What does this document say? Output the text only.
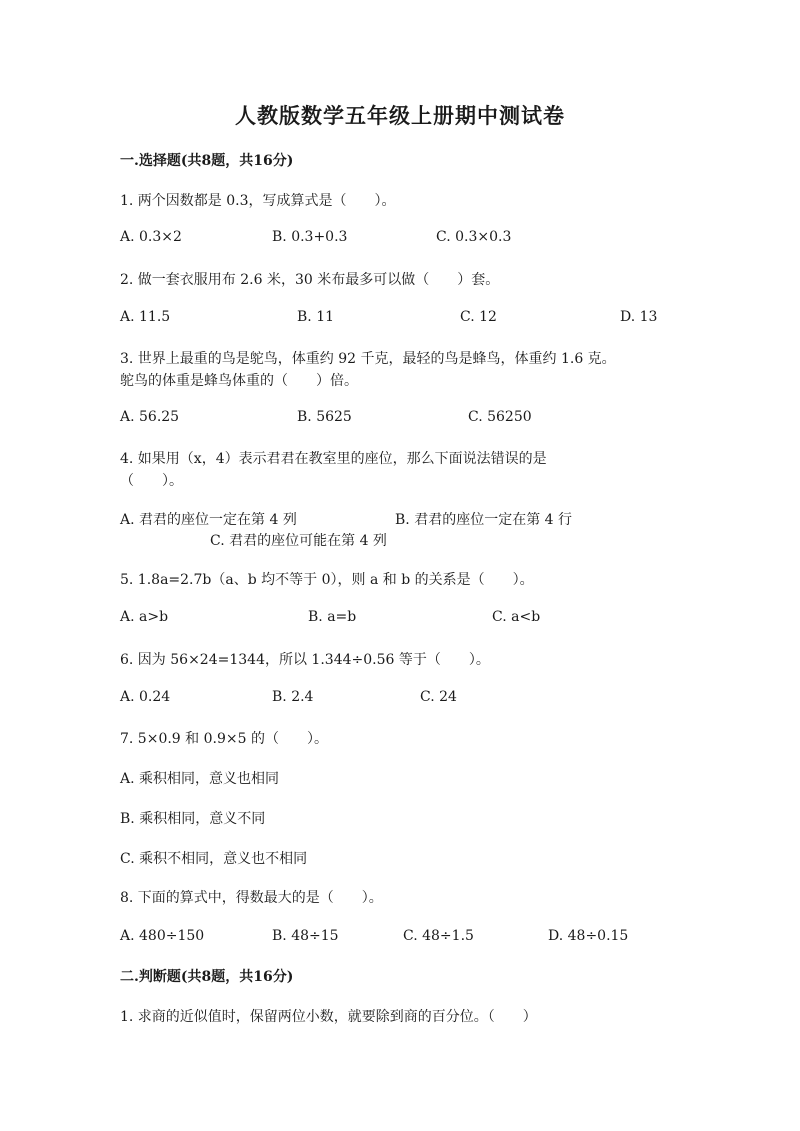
人教版数学五年级上册期中测试卷
一.选择题(共8题，共16分)
1. 两个因数都是 0.3，写成算式是（　　）。
A. 0.3×2	B. 0.3+0.3	C. 0.3×0.3
2. 做一套衣服用布 2.6 米，30 米布最多可以做（　　）套。
A. 11.5	B. 11	C. 12	D. 13
3. 世界上最重的鸟是鸵鸟，体重约 92 千克，最轻的鸟是蜂鸟，体重约 1.6 克。
鸵鸟的体重是蜂鸟体重的（　　）倍。
A. 56.25	B. 5625	C. 56250
4. 如果用（x，4）表示君君在教室里的座位，那么下面说法错误的是
（　　）。
A. 君君的座位一定在第 4 列	B. 君君的座位一定在第 4 行
C. 君君的座位可能在第 4 列
5. 1.8a=2.7b（a、b 均不等于 0），则 a 和 b 的关系是（　　）。
A. a>b	B. a=b	C. a<b
6. 因为 56×24=1344，所以 1.344÷0.56 等于（　　）。
A. 0.24	B. 2.4	C. 24
7. 5×0.9 和 0.9×5 的（　　）。
A. 乘积相同，意义也相同
B. 乘积相同，意义不同
C. 乘积不相同，意义也不相同
8. 下面的算式中，得数最大的是（　　）。
A. 480÷150	B. 48÷15	C. 48÷1.5	D. 48÷0.15
二.判断题(共8题，共16分)
1. 求商的近似值时，保留两位小数，就要除到商的百分位。（　　）
